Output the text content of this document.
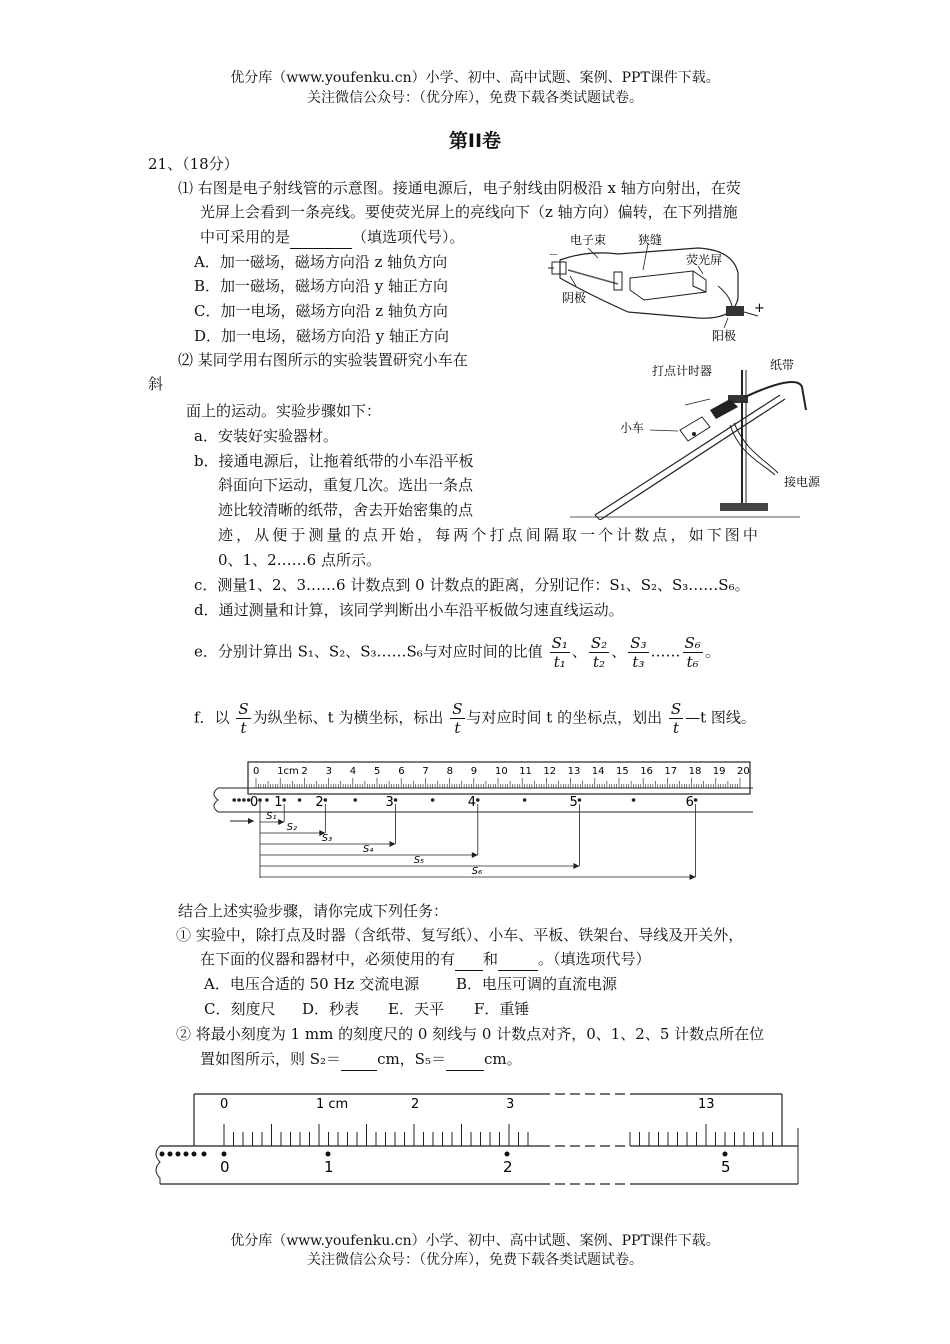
优分库（www.youfenku.cn）小学、初中、高中试题、案例、PPT课件下载。
关注微信公众号：（优分库），免费下载各类试题试卷。
第II卷
21、（18分）
⑴ 右图是电子射线管的示意图。接通电源后，电子射线由阴极沿 x 轴方向射出，在荧
光屏上会看到一条亮线。要使荧光屏上的亮线向下（z 轴方向）偏转，在下列措施
中可采用的是	（填选项代号）。
A．加一磁场，磁场方向沿 z 轴负方向
B．加一磁场，磁场方向沿 y 轴正方向
C．加一电场，磁场方向沿 z 轴负方向
D．加一电场，磁场方向沿 y 轴正方向
电子束	狭缝
荧光屏
阴极
阳极
－
+
⑵ 某同学用右图所示的实验装置研究小车在
斜
面上的运动。实验步骤如下：
a．安装好实验器材。
b．接通电源后，让拖着纸带的小车沿平板
斜面向下运动，重复几次。选出一条点
迹比较清晰的纸带，舍去开始密集的点
迹，从便于测量的点开始，每两个打点间隔取一个计数点，如下图中
0、1、2……6 点所示。
打点计时器	纸带
小车
接电源
c．测量1、2、3……6 计数点到 0 计数点的距离，分别记作：S₁、S₂、S₃……S₆。
d．通过测量和计算，该同学判断出小车沿平板做匀速直线运动。
e．分别计算出 S₁、S₂、S₃……S₆与对应时间的比值 $\frac{\text{S₁}}{\text{t₁}}$ 、 $\frac{\text{S₂}}{\text{t₂}}$ 、 $\frac{\text{S₃}}{\text{t₃}}$ …… $\frac{\text{S₆}}{\text{t₆}}$ 。
f．以 $\frac{S}{t}$ 为纵坐标、t 为横坐标，标出 $\frac{S}{t}$ 与对应时间 t 的坐标点，划出 $\frac{S}{t}$ —t 图线。
0 1cm 2 3 4 5 6 7 8 9 10 11 12 13 14 15 16 17 18 19 20
0 1	2	3	4	5	6
S₁
S₂
S₃
S₄
S₅
S₆
结合上述实验步骤，请你完成下列任务：
① 实验中，除打点及时器（含纸带、复写纸）、小车、平板、铁架台、导线及开关外，
在下面的仪器和器材中，必须使用的有 和	。（填选项代号）
A．电压合适的 50 Hz 交流电源 B．电压可调的直流电源
C．刻度尺 D．秒表 E．天平 F．重锤
② 将最小刻度为 1 mm 的刻度尺的 0 刻线与 0 计数点对齐，0、1、2、5 计数点所在位
置如图所示，则 S₂＝ cm，S₅＝	cm。
0	1 cm	2	3	13
0	1	2	5
优分库（www.youfenku.cn）小学、初中、高中试题、案例、PPT课件下载。
关注微信公众号：（优分库），免费下载各类试题试卷。
